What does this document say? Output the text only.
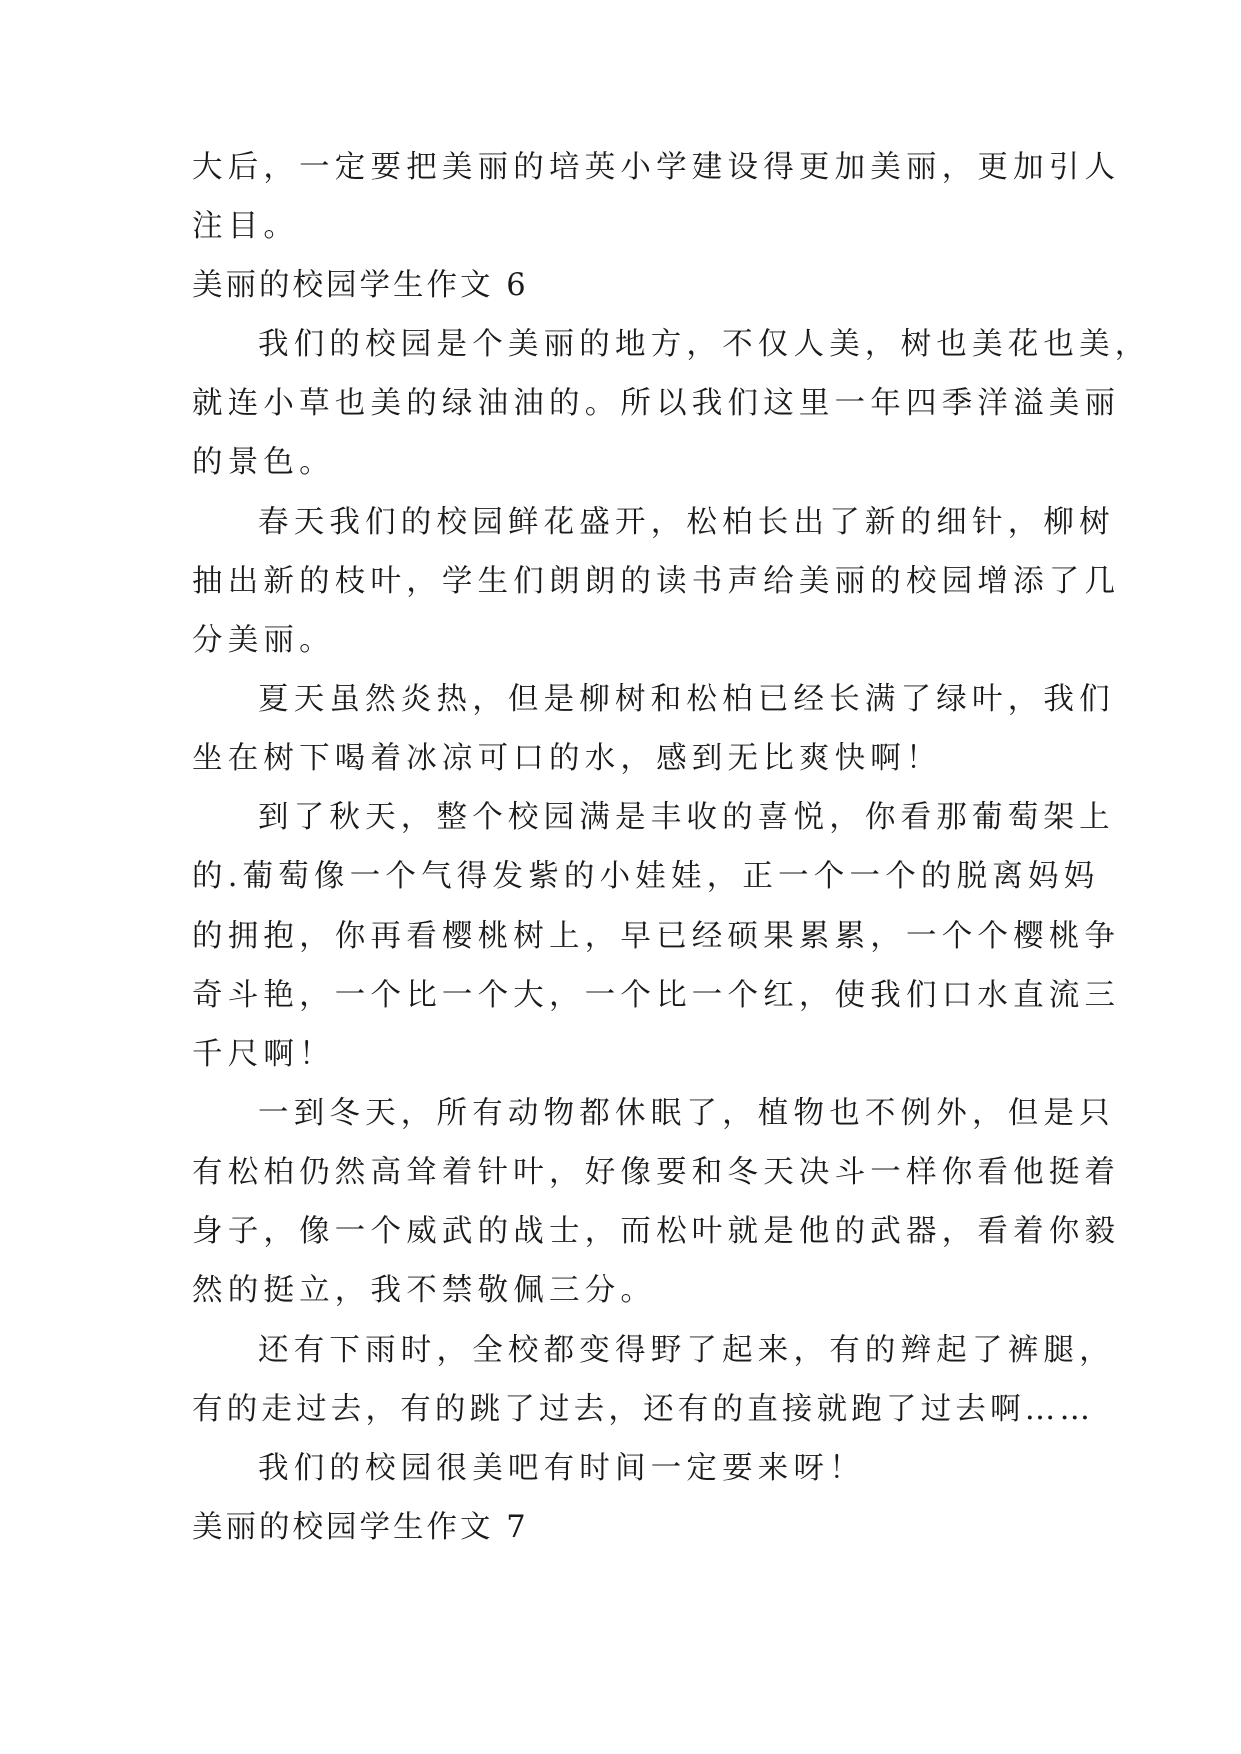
大后，一定要把美丽的培英小学建设得更加美丽，更加引人
注目。
美丽的校园学生作文 6
我们的校园是个美丽的地方，不仅人美，树也美花也美，
就连小草也美的绿油油的。所以我们这里一年四季洋溢美丽
的景色。
春天我们的校园鲜花盛开，松柏长出了新的细针，柳树
抽出新的枝叶，学生们朗朗的读书声给美丽的校园增添了几
分美丽。
夏天虽然炎热，但是柳树和松柏已经长满了绿叶，我们
坐在树下喝着冰凉可口的水，感到无比爽快啊！
到了秋天，整个校园满是丰收的喜悦，你看那葡萄架上
的.葡萄像一个气得发紫的小娃娃，正一个一个的脱离妈妈
的拥抱，你再看樱桃树上，早已经硕果累累，一个个樱桃争
奇斗艳，一个比一个大，一个比一个红，使我们口水直流三
千尺啊！
一到冬天，所有动物都休眠了，植物也不例外，但是只
有松柏仍然高耸着针叶，好像要和冬天决斗一样你看他挺着
身子，像一个威武的战士，而松叶就是他的武器，看着你毅
然的挺立，我不禁敬佩三分。
还有下雨时，全校都变得野了起来，有的辫起了裤腿，
有的走过去，有的跳了过去，还有的直接就跑了过去啊……
我们的校园很美吧有时间一定要来呀！
美丽的校园学生作文 7
